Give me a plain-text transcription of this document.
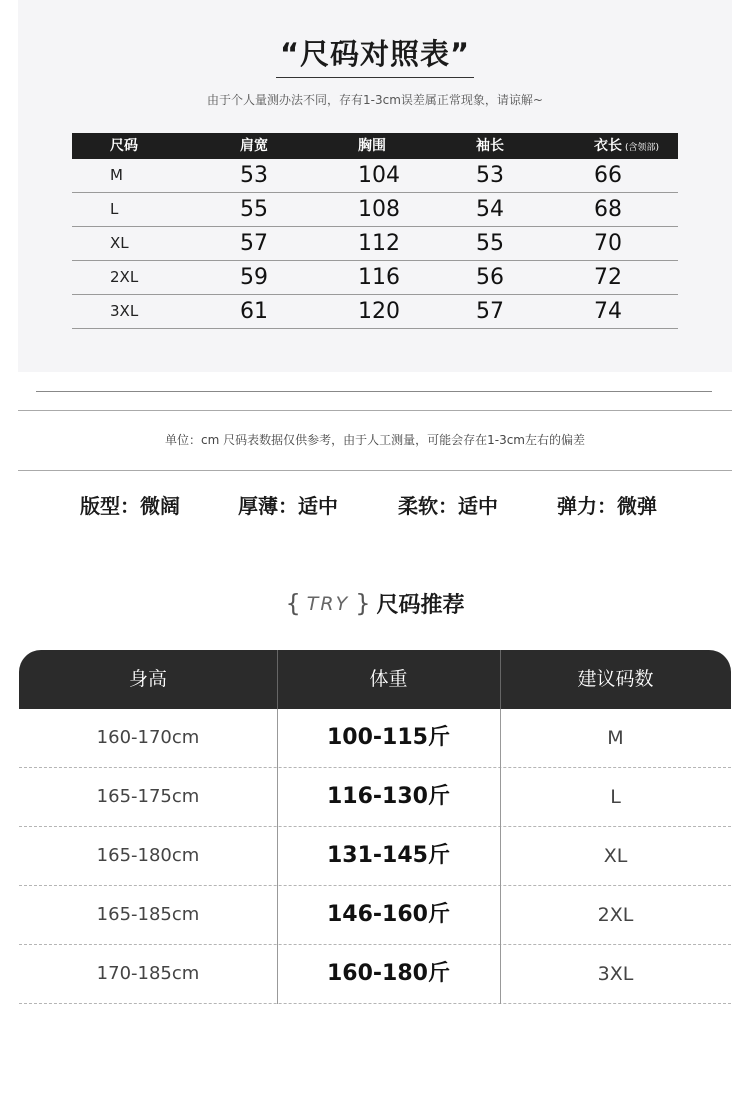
“尺码对照表”
由于个人量测办法不同，存有1-3cm误差属正常现象，请谅解~
尺码	肩宽	胸围	袖长	衣长 (含领部)
M	53	104	53	66
L	55	108	54	68
XL	57	112	55	70
2XL	59	116	56	72
3XL	61	120	57	74
单位：cm 尺码表数据仅供参考，由于人工测量，可能会存在1-3cm左右的偏差
版型：微阔	厚薄：适中	柔软：适中	弹力：微弹
{ TRY } 尺码推荐
身高	体重	建议码数
160-170cm	100-115斤	M
165-175cm	116-130斤	L
165-180cm	131-145斤	XL
165-185cm	146-160斤	2XL
170-185cm	160-180斤	3XL
